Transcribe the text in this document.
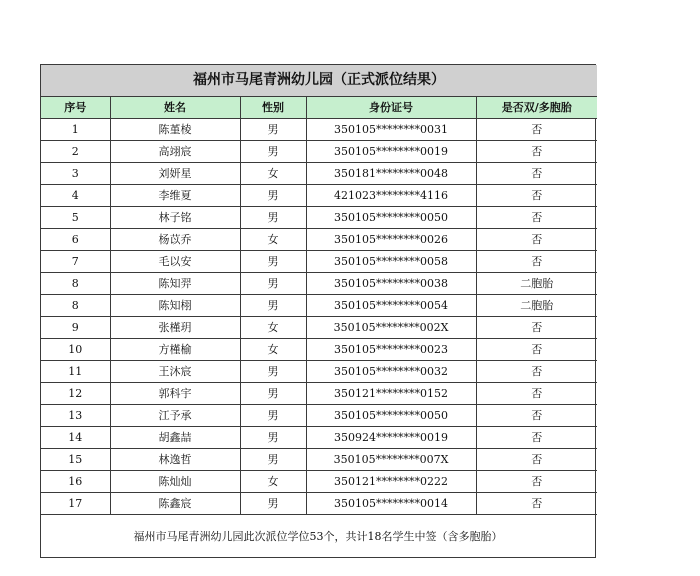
福州市马尾青洲幼儿园（正式派位结果）				
序号	姓名	性别	身份证号	是否双/多胞胎
1	陈堇棱	男	350105********0031	否
2	高翊宸	男	350105********0019	否
3	刘妍星	女	350181********0048	否
4	李维夏	男	421023********4116	否
5	林子铭	男	350105********0050	否
6	杨苡乔	女	350105********0026	否
7	毛以安	男	350105********0058	否
8	陈知羿	男	350105********0038	二胞胎
8	陈知栩	男	350105********0054	二胞胎
9	张槿玥	女	350105********002X	否
10	方槿榆	女	350105********0023	否
11	王沐宸	男	350105********0032	否
12	郭科宇	男	350121********0152	否
13	江予承	男	350105********0050	否
14	胡鑫喆	男	350924********0019	否
15	林逸哲	男	350105********007X	否
16	陈灿灿	女	350121********0222	否
17	陈鑫宸	男	350105********0014	否
福州市马尾青洲幼儿园此次派位学位53个，共计18名学生中签（含多胞胎）
